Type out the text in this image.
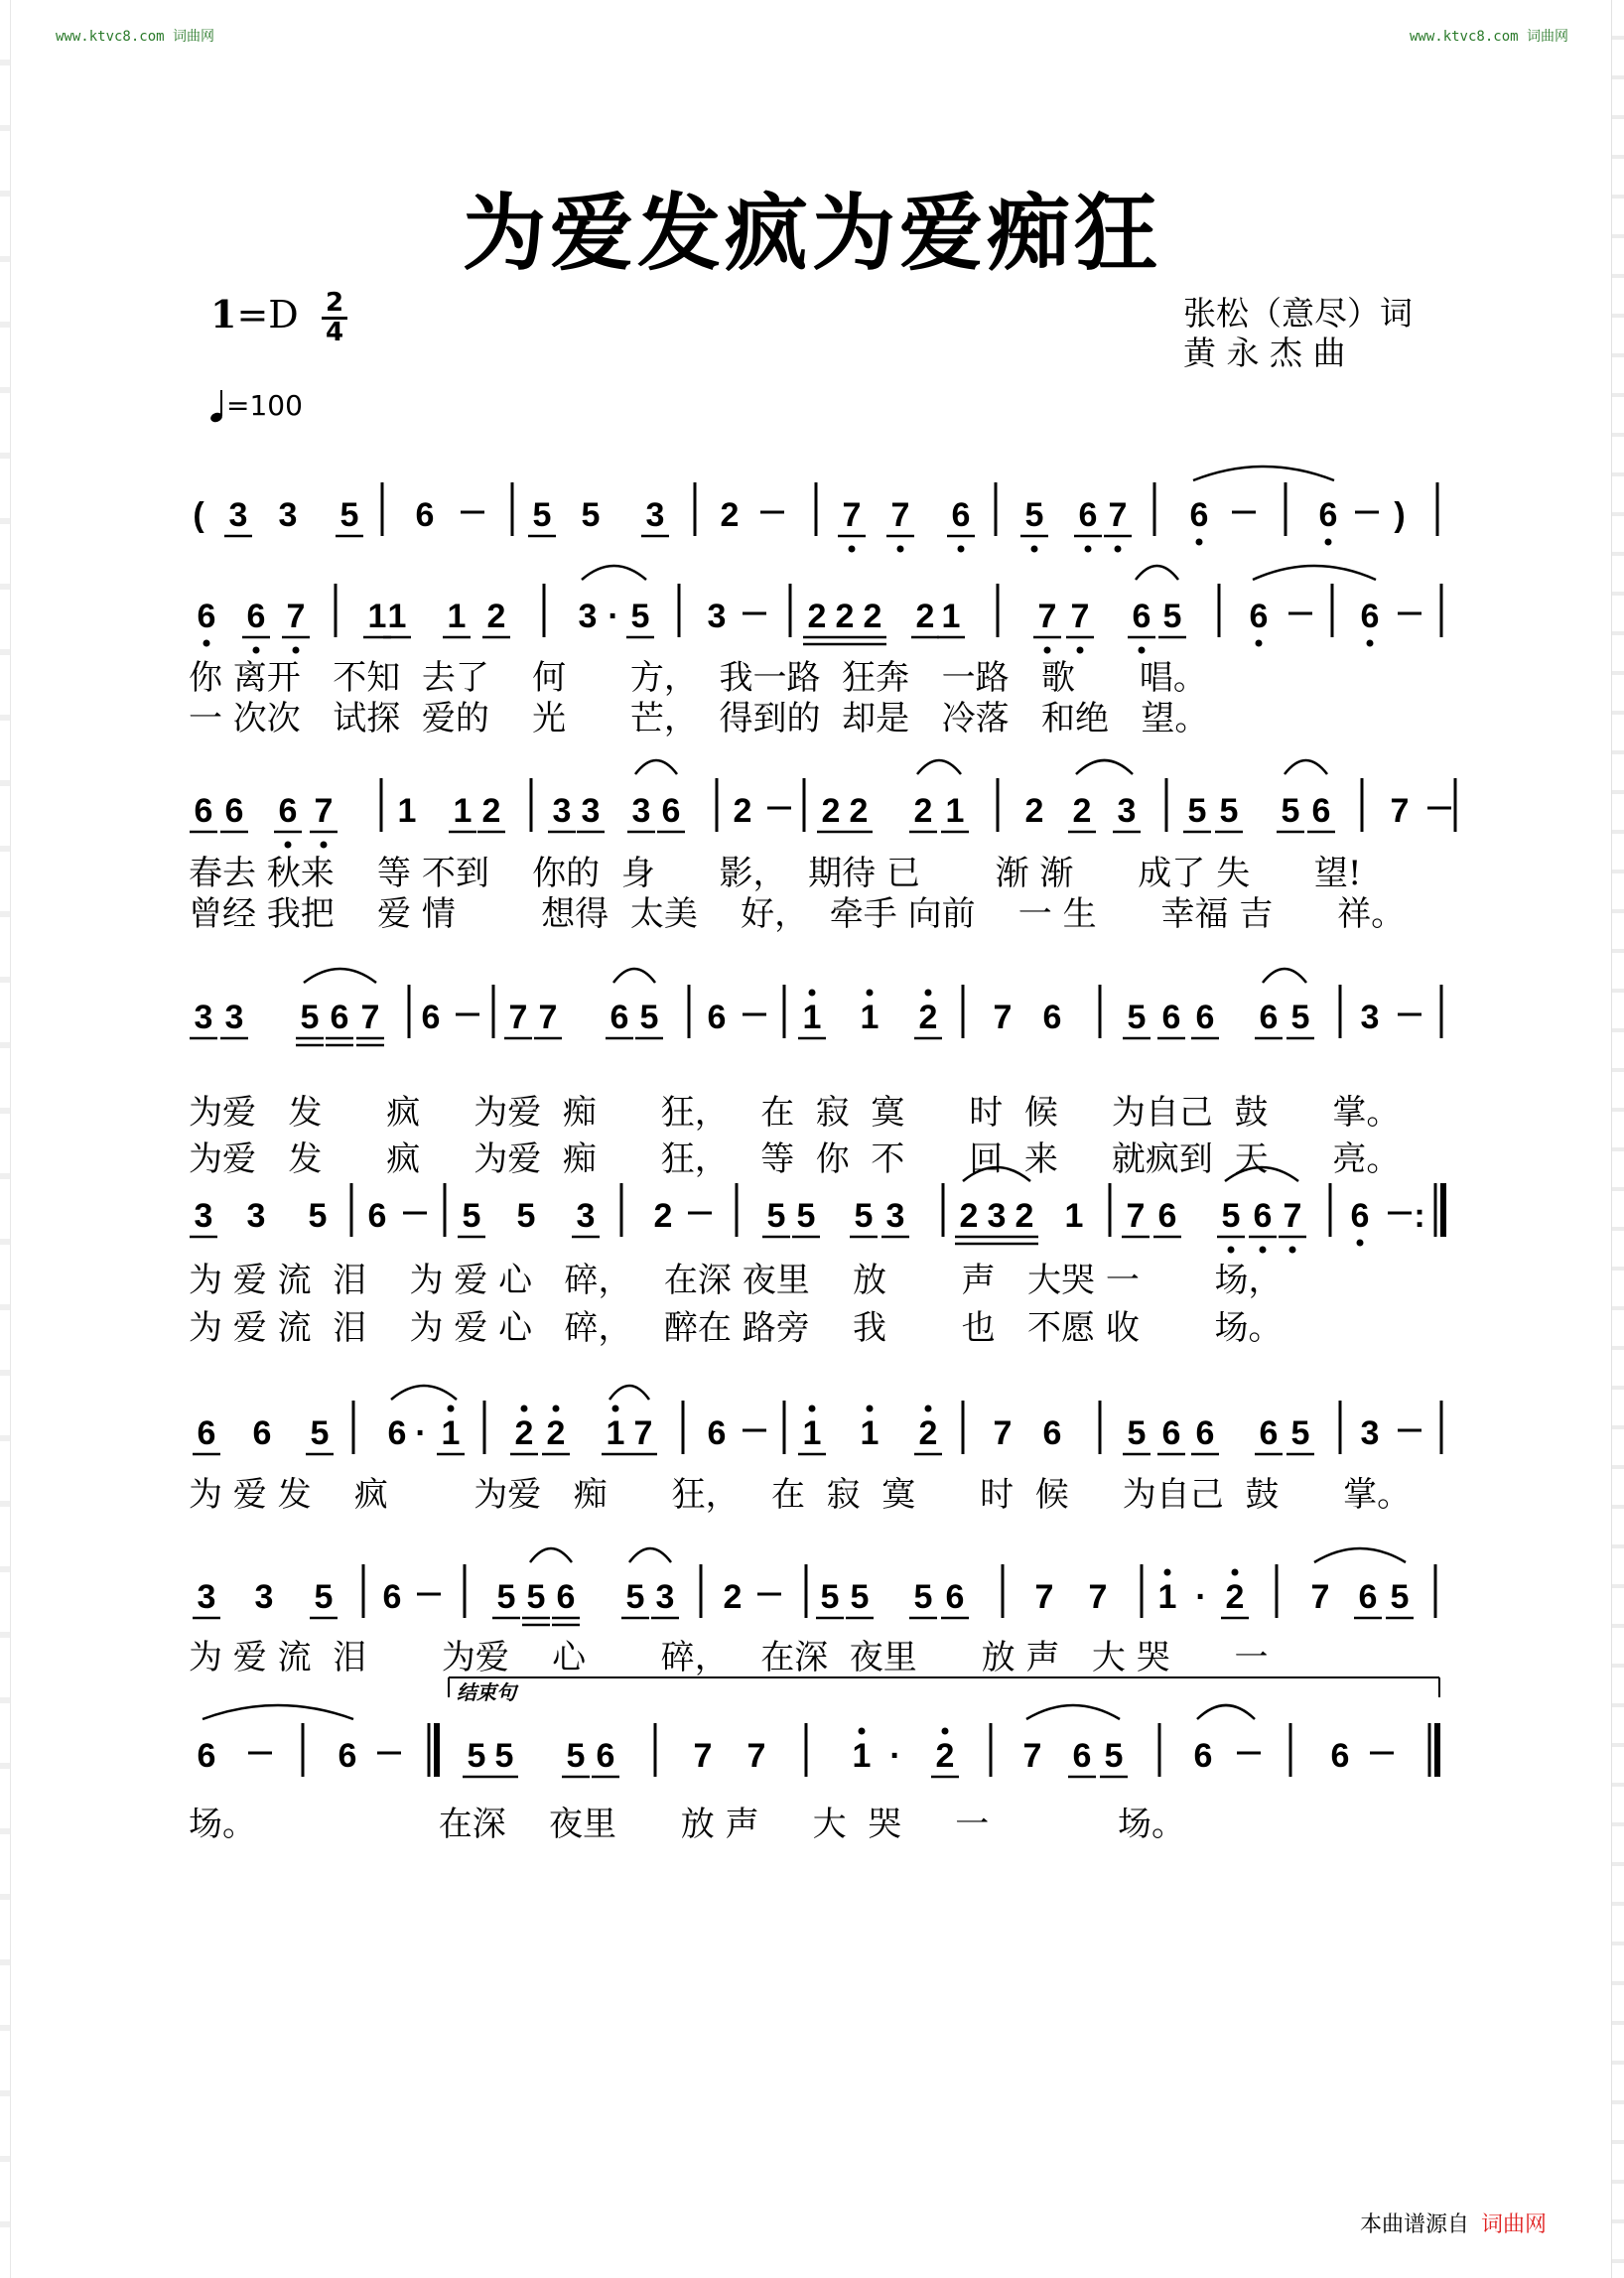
www.ktvc8.com 词曲网	www.ktvc8.com 词曲网
为爱发疯为爱痴狂
1=D 2
4	张松（意尽）词
黄 永 杰 曲
=100
( 3 3 5 6	5 5 3 2	7 7 6 5 6 7 6	6 )
6 6 7 1 1 1 2 3 · 5 3 2 2 2 2 1 7 7 6 5 6	6
6 6 6 7 1 1 2 3 3 3 6 2 2 2 2 1 2 2 3 5 5 5 6 7
3 3 5 6 7 6 7 7 6 5 6 1 1 2 7 6 5 6 6 6 5 3
3 3 5 6 5 5 3 2	5 5 5 3 2 3 2 1 7 6 5 6 7 6 :
6 6 5 6 · 1 2 2 1 7 6 1 1 2 7 6 5 6 6 6 5 3
3 3 5 6	5 5 6 5 3 2 5 5 5 6 7 7 1 · 2 7 6 5
6	6	5 5 5 6 7 7	1 · 2 7 6 5 6	6
结束句
你 离开   不知  去了    何      方，  我一路  狂奔   一路   歌      唱。
一 次次   试探  爱的    光      芒，  得到的  却是   冷落   和绝   望。
春去 秋来    等 不到    你的  身      影，  期待 已       渐 渐      成了 失      望!
曾经 我把    爱 情        想得  太美    好，  牵手 向前    一 生      幸福 吉      祥。
为爱   发      疯     为爱  痴      狂，   在  寂  寞      时  候     为自己  鼓      掌。
为爱   发      疯     为爱  痴      狂，   等  你  不      回  来     就疯到  天      亮。
为 爱 流  泪    为 爱 心   碎，   在深 夜里    放       声   大哭 一       场，
为 爱 流  泪    为 爱 心   碎，   醉在 路旁    我       也   不愿 收       场。
为 爱 发    疯        为爱   痴      狂，   在  寂  寞      时  候     为自己  鼓      掌。
为 爱 流  泪       为爱    心       碎，   在深  夜里      放 声   大 哭      一
场。                 在深    夜里      放 声     大  哭     一            场。
本曲谱源自 词曲网
